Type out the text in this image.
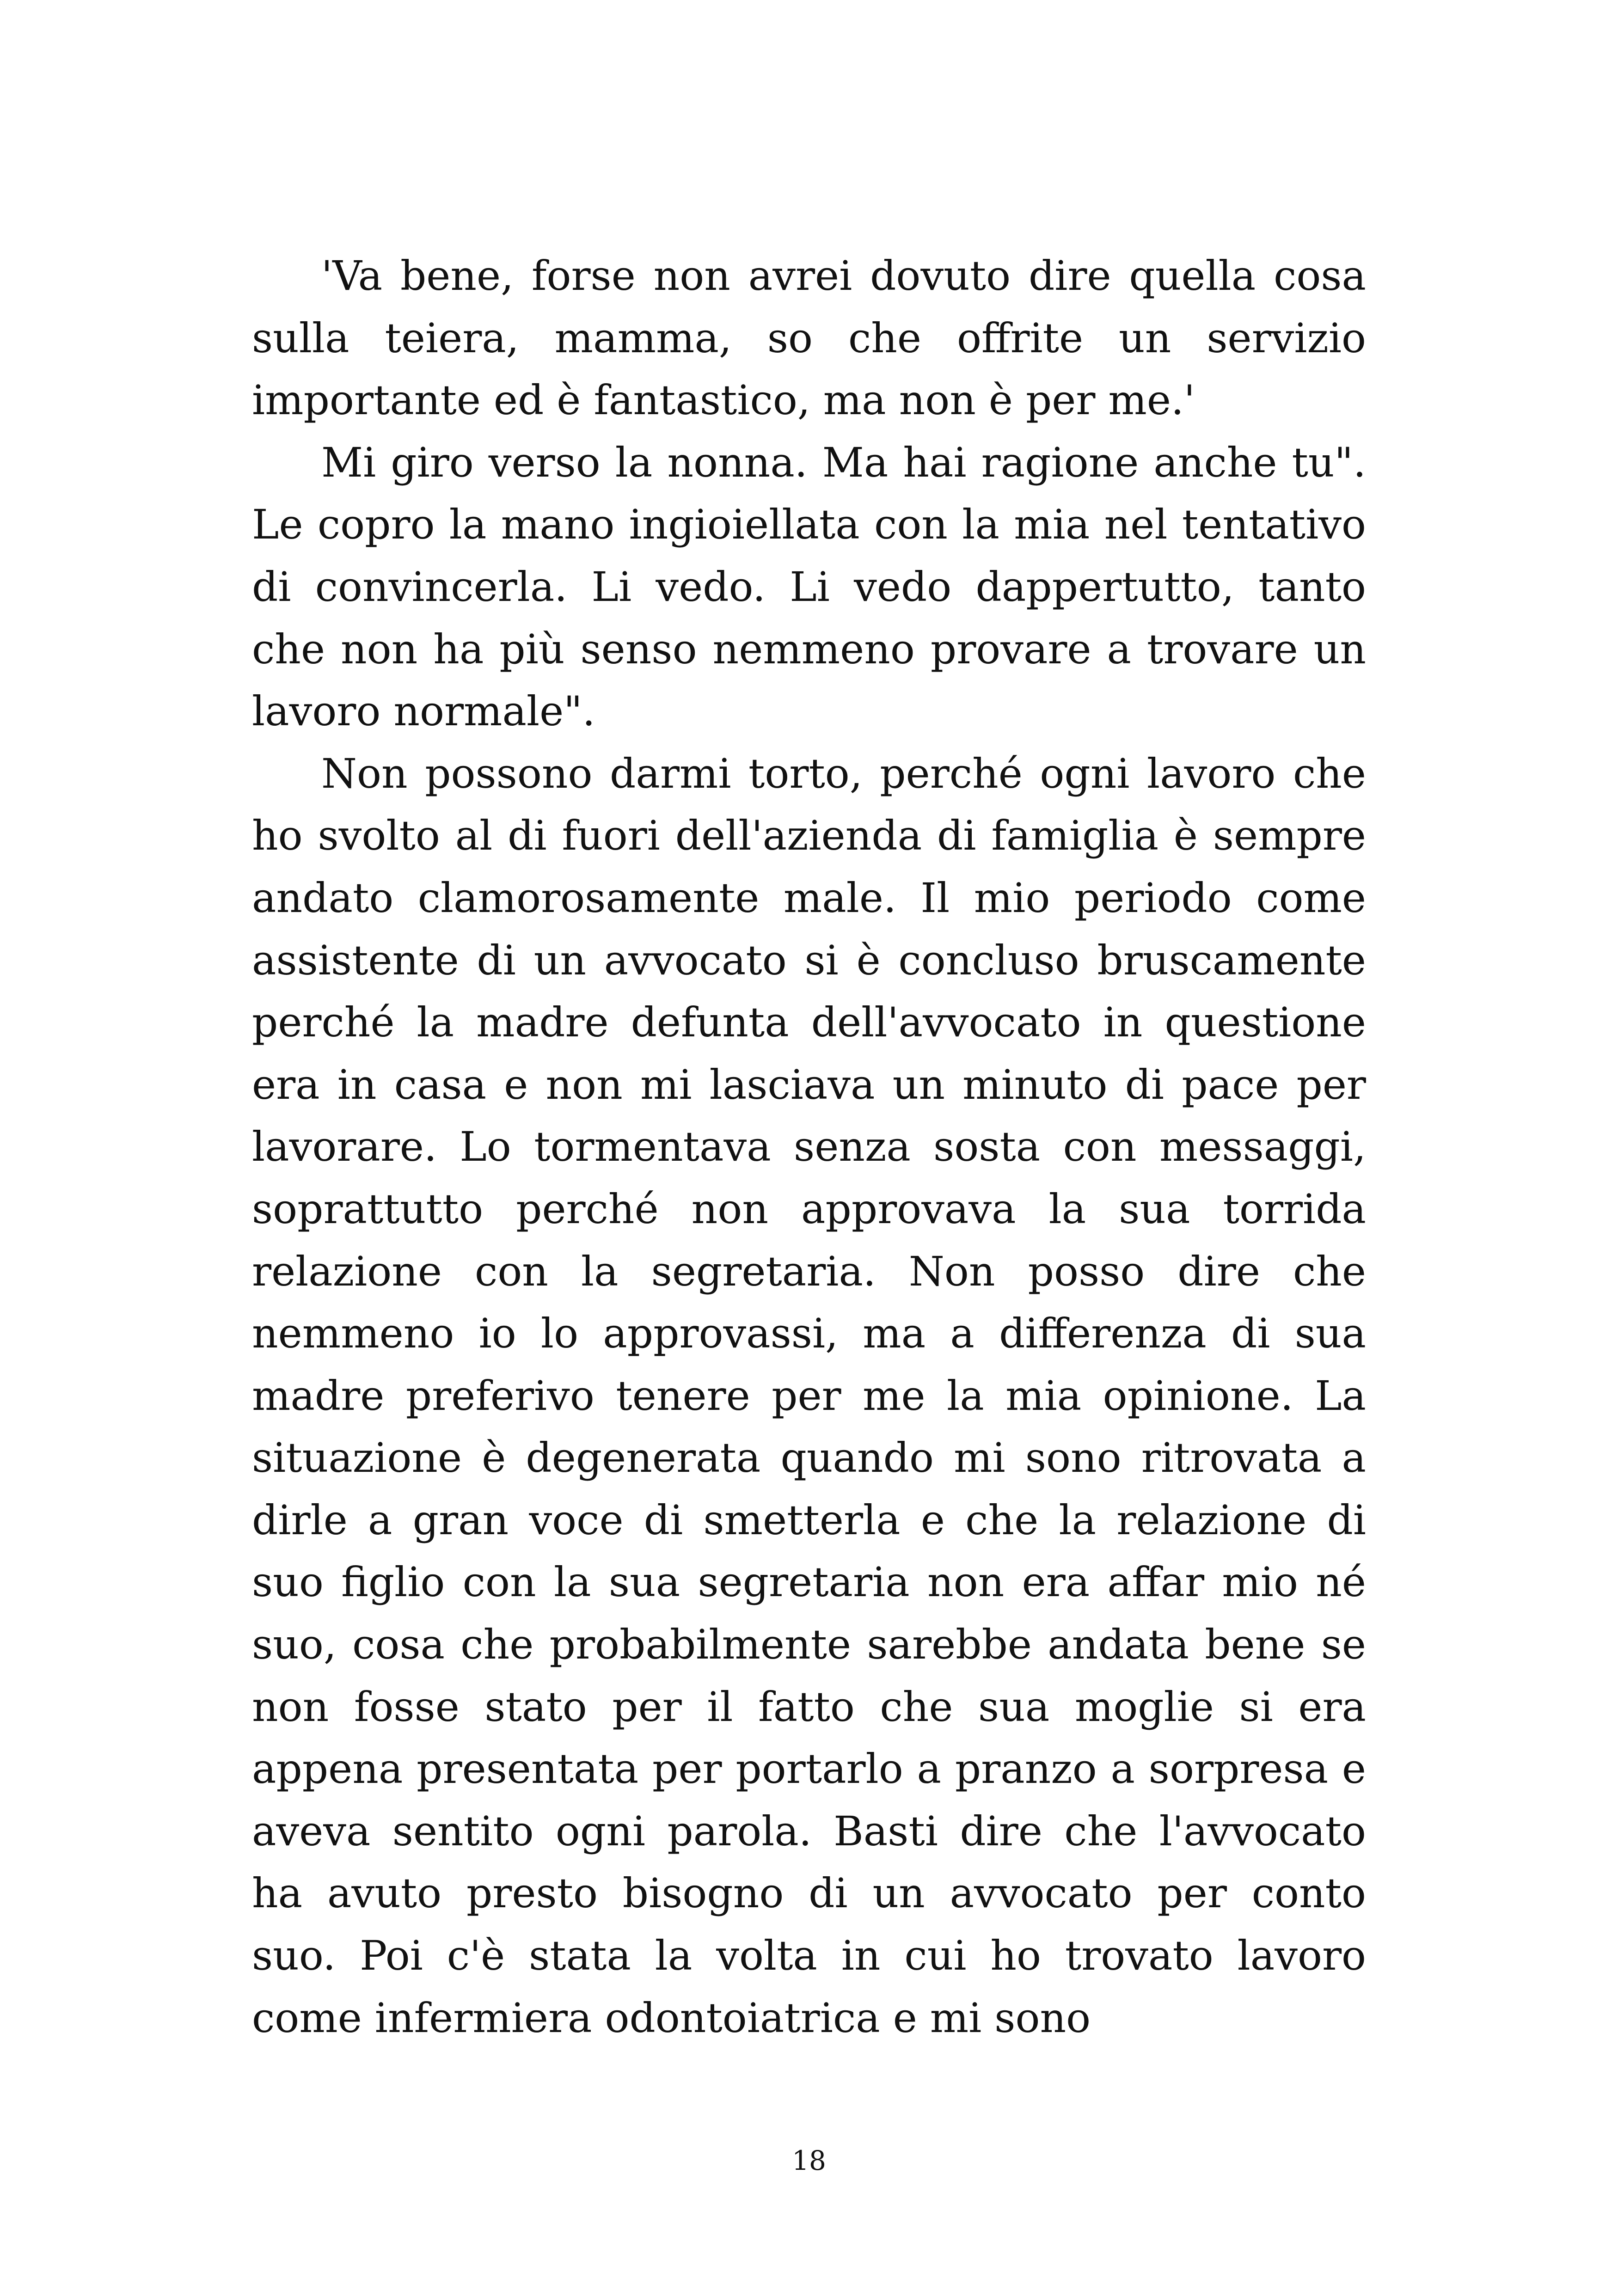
'Va bene, forse non avrei dovuto dire quella cosa sulla teiera, mamma, so che offrite un servizio importante ed è fantastico, ma non è per me.'

Mi giro verso la nonna. Ma hai ragione anche tu". Le copro la mano ingioiellata con la mia nel tentativo di convincerla. Li vedo. Li vedo dappertutto, tanto che non ha più senso nemmeno provare a trovare un lavoro normale".

Non possono darmi torto, perché ogni lavoro che ho svolto al di fuori dell'azienda di famiglia è sempre andato clamorosamente male. Il mio periodo come assistente di un avvocato si è concluso bruscamente perché la madre defunta dell'avvocato in questione era in casa e non mi lasciava un minuto di pace per lavorare. Lo tormentava senza sosta con messaggi, soprattutto perché non approvava la sua torrida relazione con la segretaria. Non posso dire che nemmeno io lo approvassi, ma a differenza di sua madre preferivo tenere per me la mia opinione. La situazione è degenerata quando mi sono ritrovata a dirle a gran voce di smetterla e che la relazione di suo figlio con la sua segretaria non era affar mio né suo, cosa che probabilmente sarebbe andata bene se non fosse stato per il fatto che sua moglie si era appena presentata per portarlo a pranzo a sorpresa e aveva sentito ogni parola. Basti dire che l'avvocato ha avuto presto bisogno di un avvocato per conto suo. Poi c'è stata la volta in cui ho trovato lavoro come infermiera odontoiatrica e mi sono

18
